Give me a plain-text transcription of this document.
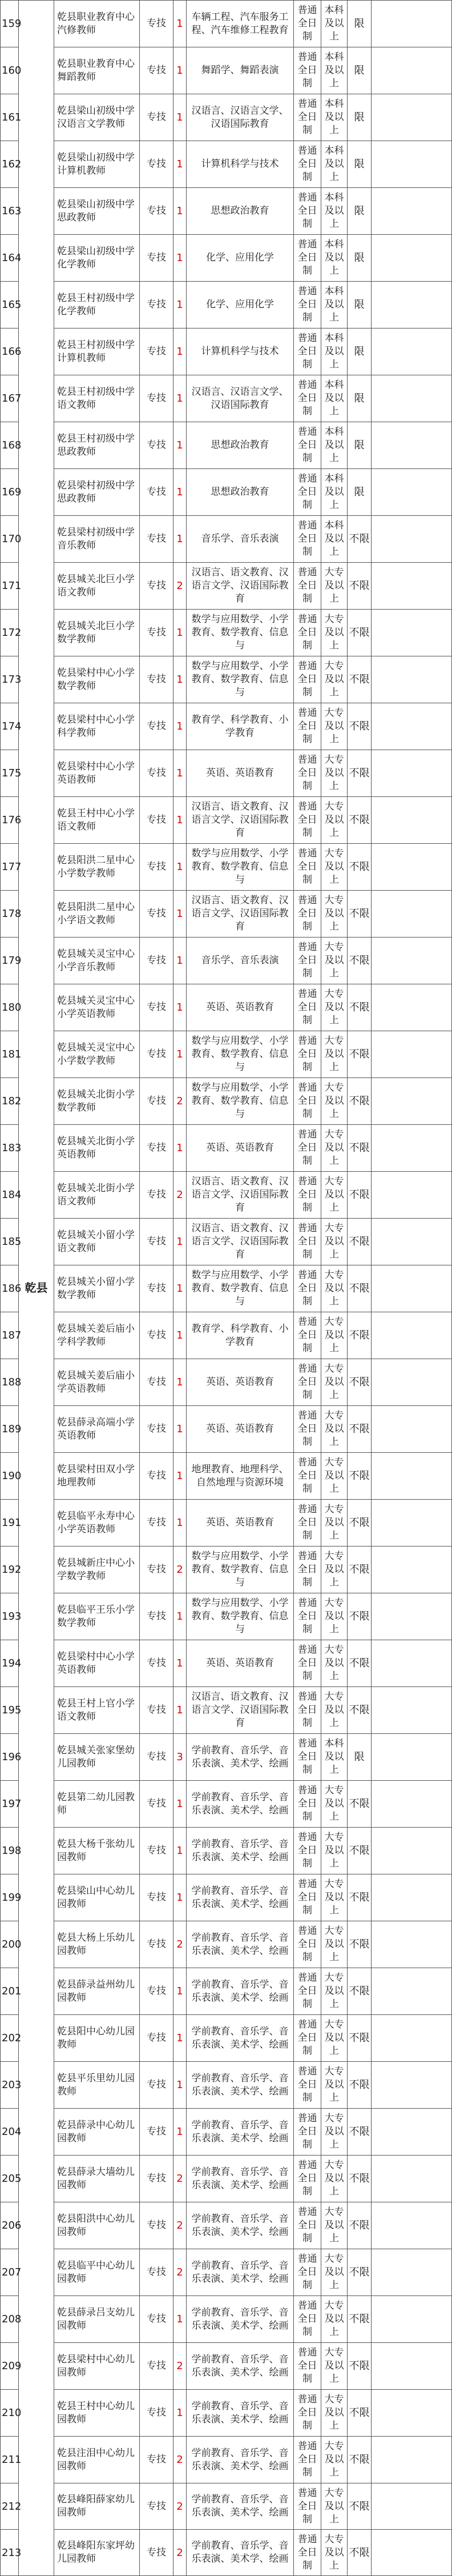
159	乾县	乾县职业教育中心汽修教师	专技	1	车辆工程、汽车服务工程、汽车维修工程教育	普通全日制	本科及以上	限	
160		乾县职业教育中心舞蹈教师	专技	1	舞蹈学、舞蹈表演	普通全日制	本科及以上	限	
161		乾县梁山初级中学汉语言文学教师	专技	1	汉语言、汉语言文学、汉语国际教育	普通全日制	本科及以上	限	
162		乾县梁山初级中学计算机教师	专技	1	计算机科学与技术	普通全日制	本科及以上	限	
163		乾县梁山初级中学思政教师	专技	1	思想政治教育	普通全日制	本科及以上	限	
164		乾县梁山初级中学化学教师	专技	1	化学、应用化学	普通全日制	本科及以上	限	
165		乾县王村初级中学化学教师	专技	1	化学、应用化学	普通全日制	本科及以上	限	
166		乾县王村初级中学计算机教师	专技	1	计算机科学与技术	普通全日制	本科及以上	限	
167		乾县王村初级中学语文教师	专技	1	汉语言、汉语言文学、汉语国际教育	普通全日制	本科及以上	限	
168		乾县王村初级中学思政教师	专技	1	思想政治教育	普通全日制	本科及以上	限	
169		乾县梁村初级中学思政教师	专技	1	思想政治教育	普通全日制	本科及以上	限	
170		乾县梁村初级中学音乐教师	专技	1	音乐学、音乐表演	普通全日制	本科及以上	不限	
171		乾县城关北巨小学语文教师	专技	2	汉语言、语文教育、汉语言文学、汉语国际教育	普通全日制	大专及以上	不限	
172		乾县城关北巨小学数学教师	专技	1	数学与应用数学、小学教育、数学教育、信息与	普通全日制	大专及以上	不限	
173		乾县梁村中心小学数学教师	专技	1	数学与应用数学、小学教育、数学教育、信息与	普通全日制	大专及以上	不限	
174		乾县梁村中心小学科学教师	专技	1	教育学、科学教育、小学教育	普通全日制	大专及以上	不限	
175		乾县梁村中心小学英语教师	专技	1	英语、英语教育	普通全日制	大专及以上	不限	
176		乾县王村中心小学语文教师	专技	1	汉语言、语文教育、汉语言文学、汉语国际教育	普通全日制	大专及以上	不限	
177		乾县阳洪二星中心小学数学教师	专技	1	数学与应用数学、小学教育、数学教育、信息与	普通全日制	大专及以上	不限	
178		乾县阳洪二星中心小学语文教师	专技	1	汉语言、语文教育、汉语言文学、汉语国际教育	普通全日制	大专及以上	不限	
179		乾县城关灵宝中心小学音乐教师	专技	1	音乐学、音乐表演	普通全日制	大专及以上	不限	
180		乾县城关灵宝中心小学英语教师	专技	1	英语、英语教育	普通全日制	大专及以上	不限	
181		乾县城关灵宝中心小学数学教师	专技	1	数学与应用数学、小学教育、数学教育、信息与	普通全日制	大专及以上	不限	
182		乾县城关北街小学数学教师	专技	2	数学与应用数学、小学教育、数学教育、信息与	普通全日制	大专及以上	不限	
183		乾县城关北街小学英语教师	专技	1	英语、英语教育	普通全日制	大专及以上	不限	
184		乾县城关北街小学语文教师	专技	2	汉语言、语文教育、汉语言文学、汉语国际教育	普通全日制	大专及以上	不限	
185		乾县城关小留小学语文教师	专技	1	汉语言、语文教育、汉语言文学、汉语国际教育	普通全日制	大专及以上	不限	
186		乾县城关小留小学数学教师	专技	1	数学与应用数学、小学教育、数学教育、信息与	普通全日制	大专及以上	不限	
187		乾县城关姜后庙小学科学教师	专技	1	教育学、科学教育、小学教育	普通全日制	大专及以上	不限	
188		乾县城关姜后庙小学英语教师	专技	1	英语、英语教育	普通全日制	大专及以上	不限	
189		乾县薛录高端小学英语教师	专技	1	英语、英语教育	普通全日制	大专及以上	不限	
190		乾县梁村田双小学地理教师	专技	1	地理教育、地理科学、自然地理与资源环境	普通全日制	大专及以上	不限	
191		乾县临平永寿中心小学英语教师	专技	1	英语、英语教育	普通全日制	大专及以上	不限	
192		乾县城新庄中心小学数学教师	专技	2	数学与应用数学、小学教育、数学教育、信息与	普通全日制	大专及以上	不限	
193		乾县临平王乐小学数学教师	专技	1	数学与应用数学、小学教育、数学教育、信息与	普通全日制	大专及以上	不限	
194		乾县梁村中心小学英语教师	专技	1	英语、英语教育	普通全日制	大专及以上	不限	
195		乾县王村上官小学语文教师	专技	1	汉语言、语文教育、汉语言文学、汉语国际教育	普通全日制	大专及以上	不限	
196		乾县城关张家堡幼儿园教师	专技	3	学前教育、音乐学、音乐表演、美术学、绘画	普通全日制	本科及以上	限	
197		乾县第二幼儿园教师	专技	1	学前教育、音乐学、音乐表演、美术学、绘画	普通全日制	大专及以上	不限	
198		乾县大杨千张幼儿园教师	专技	1	学前教育、音乐学、音乐表演、美术学、绘画	普通全日制	大专及以上	不限	
199		乾县梁山中心幼儿园教师	专技	1	学前教育、音乐学、音乐表演、美术学、绘画	普通全日制	大专及以上	不限	
200		乾县大杨上乐幼儿园教师	专技	2	学前教育、音乐学、音乐表演、美术学、绘画	普通全日制	大专及以上	不限	
201		乾县薛录益州幼儿园教师	专技	1	学前教育、音乐学、音乐表演、美术学、绘画	普通全日制	大专及以上	不限	
202		乾县阳中心幼儿园教师	专技	1	学前教育、音乐学、音乐表演、美术学、绘画	普通全日制	大专及以上	不限	
203		乾县平乐里幼儿园教师	专技	1	学前教育、音乐学、音乐表演、美术学、绘画	普通全日制	大专及以上	不限	
204		乾县薛录中心幼儿园教师	专技	1	学前教育、音乐学、音乐表演、美术学、绘画	普通全日制	大专及以上	不限	
205		乾县薛录大墙幼儿园教师	专技	2	学前教育、音乐学、音乐表演、美术学、绘画	普通全日制	大专及以上	不限	
206		乾县阳洪中心幼儿园教师	专技	2	学前教育、音乐学、音乐表演、美术学、绘画	普通全日制	大专及以上	不限	
207		乾县临平中心幼儿园教师	专技	2	学前教育、音乐学、音乐表演、美术学、绘画	普通全日制	大专及以上	不限	
208		乾县薛录吕支幼儿园教师	专技	1	学前教育、音乐学、音乐表演、美术学、绘画	普通全日制	大专及以上	不限	
209		乾县梁村中心幼儿园教师	专技	2	学前教育、音乐学、音乐表演、美术学、绘画	普通全日制	大专及以上	不限	
210		乾县王村中心幼儿园教师	专技	1	学前教育、音乐学、音乐表演、美术学、绘画	普通全日制	大专及以上	不限	
211		乾县注泪中心幼儿园教师	专技	2	学前教育、音乐学、音乐表演、美术学、绘画	普通全日制	大专及以上	不限	
212		乾县峰阳薛家幼儿园教师	专技	2	学前教育、音乐学、音乐表演、美术学、绘画	普通全日制	大专及以上	不限	
213		乾县峰阳东家坪幼儿园教师	专技	2	学前教育、音乐学、音乐表演、美术学、绘画	普通全日制	大专及以上	不限	
